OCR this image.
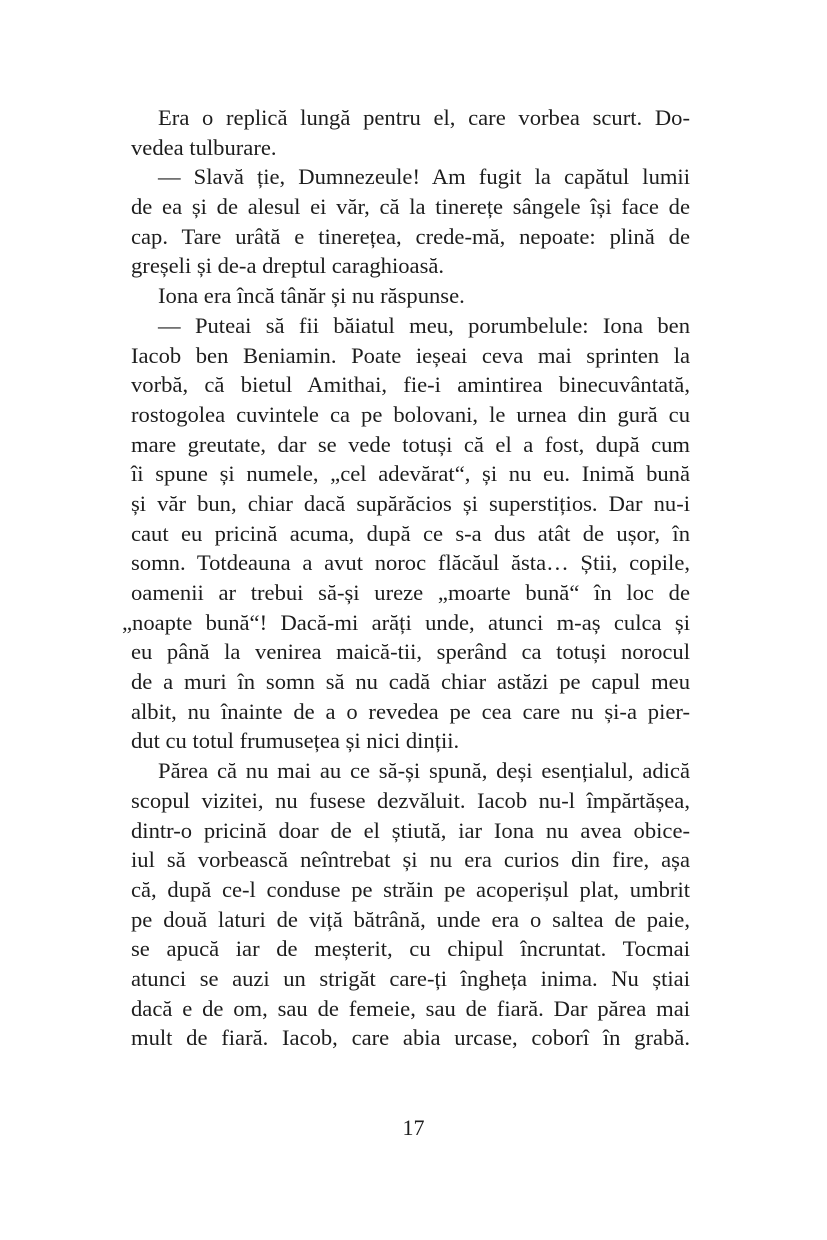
Era o replică lungă pentru el, care vorbea scurt. Do-
vedea tulburare.
— Slavă ție, Dumnezeule! Am fugit la capătul lumii
de ea și de alesul ei văr, că la tinerețe sângele își face de
cap. Tare urâtă e tinerețea, crede-mă, nepoate: plină de
greșeli și de-a dreptul caraghioasă.
Iona era încă tânăr și nu răspunse.
— Puteai să fii băiatul meu, porumbelule: Iona ben
Iacob ben Beniamin. Poate ieșeai ceva mai sprinten la
vorbă, că bietul Amithai, fie-i amintirea binecuvântată,
rostogolea cuvintele ca pe bolovani, le urnea din gură cu
mare greutate, dar se vede totuși că el a fost, după cum
îi spune și numele, „cel adevărat“, și nu eu. Inimă bună
și văr bun, chiar dacă supărăcios și superstițios. Dar nu-i
caut eu pricină acuma, după ce s-a dus atât de ușor, în
somn. Totdeauna a avut noroc flăcăul ăsta… Știi, copile,
oamenii ar trebui să-și ureze „moarte bună“ în loc de
„noapte bună“! Dacă-mi arăți unde, atunci m-aș culca și
eu până la venirea maică-tii, sperând ca totuși norocul
de a muri în somn să nu cadă chiar astăzi pe capul meu
albit, nu înainte de a o revedea pe cea care nu și-a pier-
dut cu totul frumusețea și nici dinții.
Părea că nu mai au ce să-și spună, deși esențialul, adică
scopul vizitei, nu fusese dezvăluit. Iacob nu-l împărtășea,
dintr-o pricină doar de el știută, iar Iona nu avea obice-
iul să vorbească neîntrebat și nu era curios din fire, așa
că, după ce-l conduse pe străin pe acoperișul plat, umbrit
pe două laturi de viță bătrână, unde era o saltea de paie,
se apucă iar de meșterit, cu chipul încruntat. Tocmai
atunci se auzi un strigăt care-ți îngheța inima. Nu știai
dacă e de om, sau de femeie, sau de fiară. Dar părea mai
mult de fiară. Iacob, care abia urcase, coborî în grabă.
17
